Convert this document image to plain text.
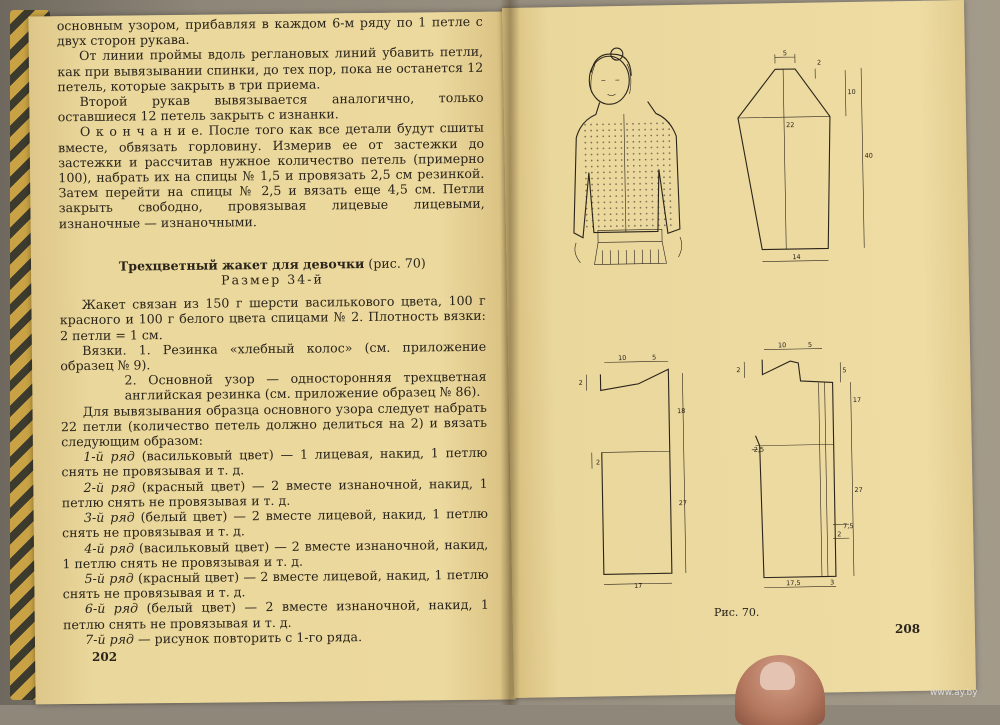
основным узором, прибавляя в каждом 6-м ряду по 1 петле с двух сторон рукава.

От линии проймы вдоль реглановых линий убавить петли, как при вывязывании спинки, до тех пор, пока не останется 12 петель, которые закрыть в три приема.

Второй рукав вывязывается аналогично, только оставшиеся 12 петель закрыть с изнанки.

О к о н ч а н и е. После того как все детали будут сшиты вместе, обвязать горловину. Измерив ее от застежки до застежки и рассчитав нужное количество петель (примерно 100), набрать их на спицы № 1,5 и провязать 2,5 см резинкой. Затем перейти на спицы № 2,5 и вязать еще 4,5 см. Петли закрыть свободно, провязывая лицевые лицевыми, изнаночные — изнаночными.

Трехцветный жакет для девочки (рис. 70)

Размер 34-й

Жакет связан из 150 г шерсти василькового цвета, 100 г красного и 100 г белого цвета спицами № 2. Плотность вязки: 2 петли = 1 см.

Вязки. 1. Резинка «хлебный колос» (см. приложение образец № 9).

2. Основной узор — односторонняя трехцветная английская резинка (см. приложение образец № 86).

Для вывязывания образца основного узора следует набрать 22 петли (количество петель должно делиться на 2) и вязать следующим образом:

1-й ряд (васильковый цвет) — 1 лицевая, накид, 1 петлю снять не провязывая и т. д.

2-й ряд (красный цвет) — 2 вместе изнаночной, накид, 1 петлю снять не провязывая и т. д.

3-й ряд (белый цвет) — 2 вместе лицевой, накид, 1 петлю снять не провязывая и т. д.

4-й ряд (васильковый цвет) — 2 вместе изнаночной, накид, 1 петлю снять не провязывая и т. д.

5-й ряд (красный цвет) — 2 вместе лицевой, накид, 1 петлю снять не провязывая и т. д.

6-й ряд (белый цвет) — 2 вместе изнаночной, накид, 1 петлю снять не провязывая и т. д.

7-й ряд — рисунок повторить с 1-го ряда.

202
5
2
10
22
40
14
10	5
2
18
2
27
17
10	5
2	5
17
2,5
27
2
7,5
17,5	3
Рис. 70.
208
www.ay.by
